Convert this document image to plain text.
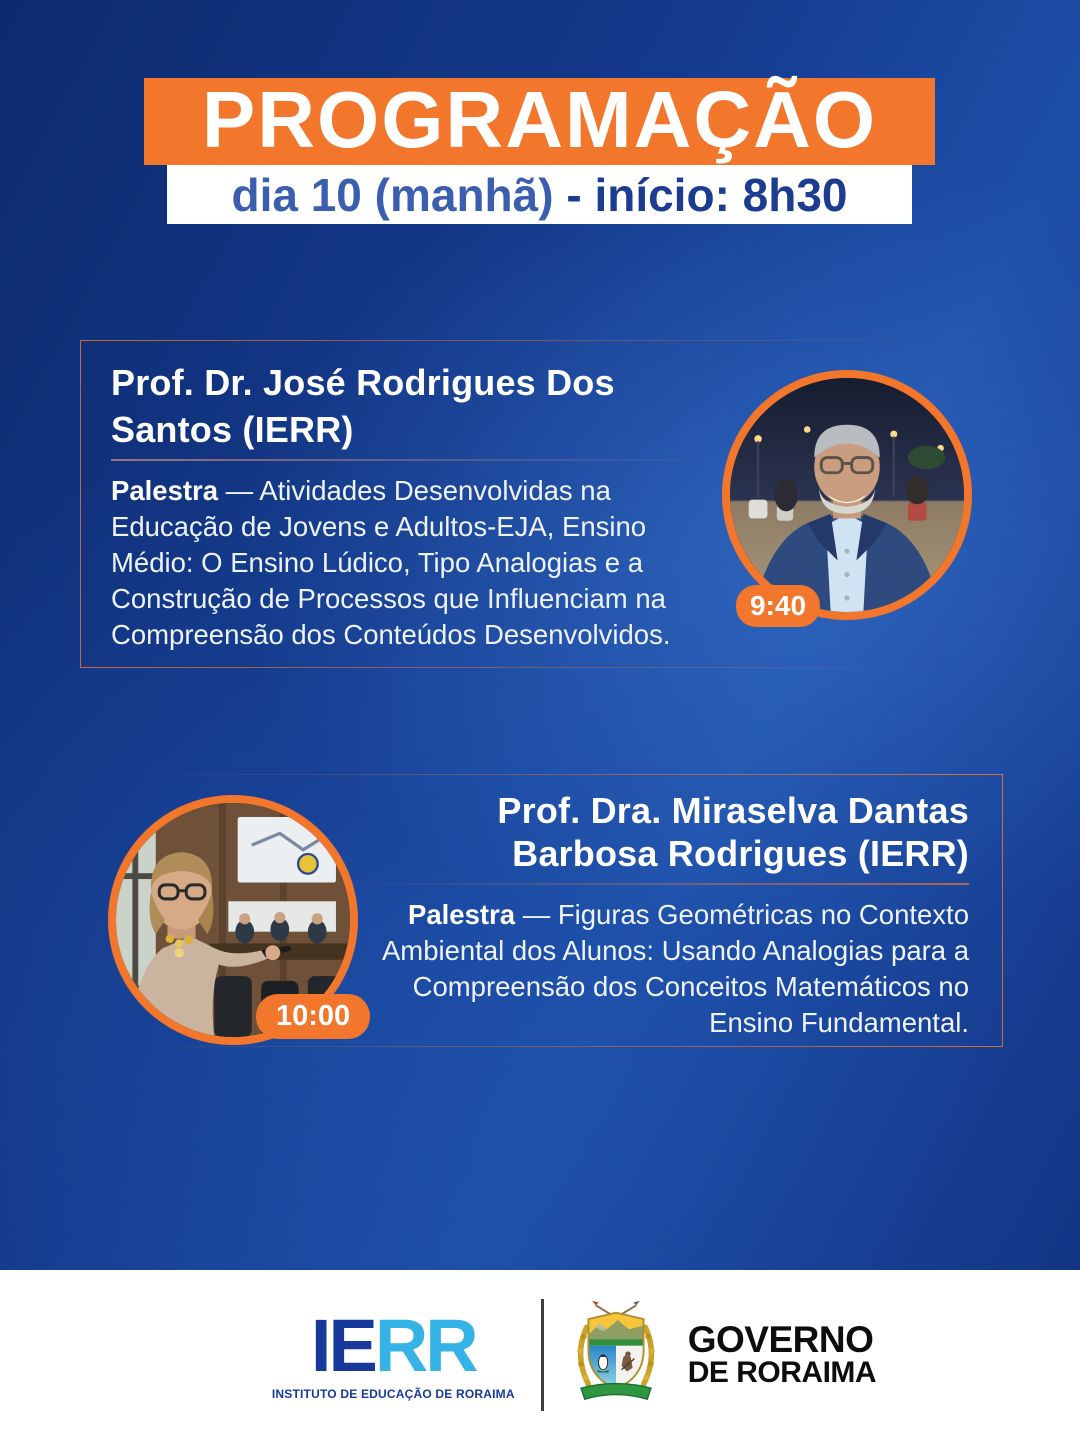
PROGRAMAÇÃO
dia 10 (manhã) - início: 8h30
Prof. Dr. José Rodrigues Dos Santos (IERR)

Palestra — Atividades Desenvolvidas na Educação de Jovens e Adultos-EJA, Ensino Médio: O Ensino Lúdico, Tipo Analogias e a Construção de Processos que Influenciam na Compreensão dos Conteúdos Desenvolvidos.

9:40
Prof. Dra. Miraselva Dantas Barbosa Rodrigues (IERR)

Palestra — Figuras Geométricas no Contexto Ambiental dos Alunos: Usando Analogias para a Compreensão dos Conceitos Matemáticos no Ensino Fundamental.

10:00
IERR
INSTITUTO DE EDUCAÇÃO DE RORAIMA
GOVERNO
DE RORAIMA
